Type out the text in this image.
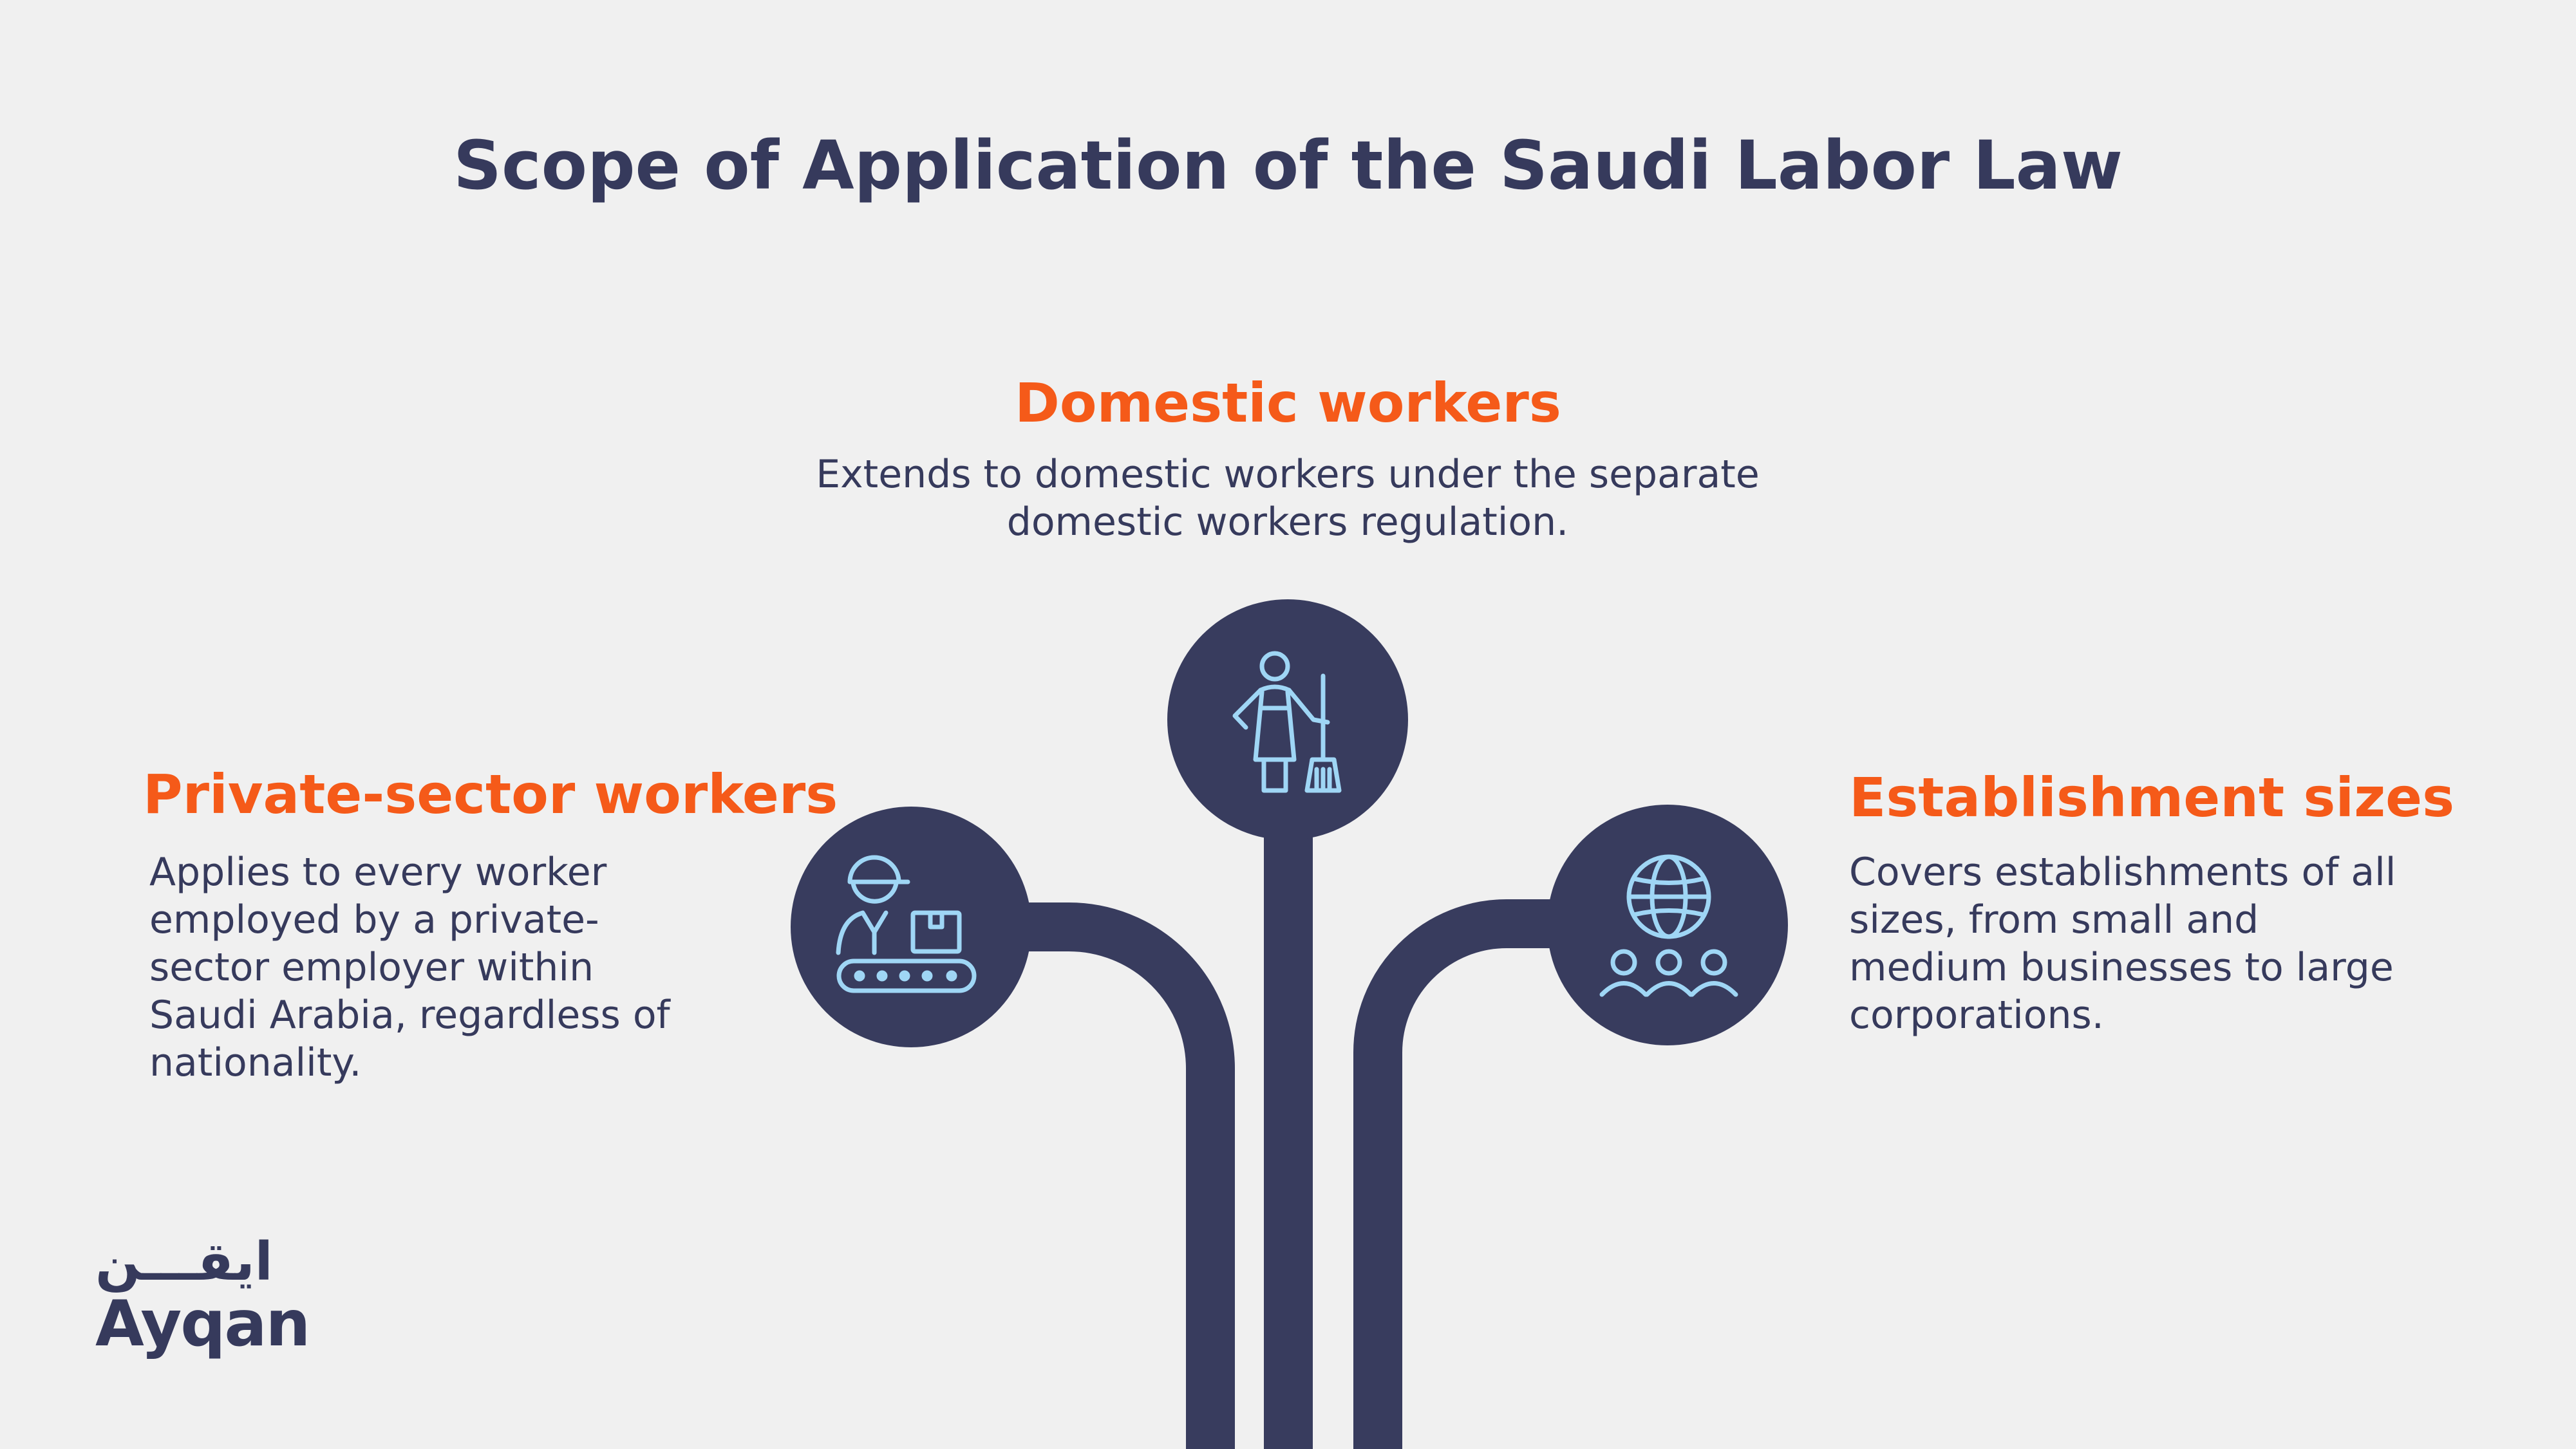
Scope of Application of the Saudi Labor Law
Domestic workers
Extends to domestic workers under the separate domestic workers regulation.
Private-sector workers
Applies to every worker employed by a private-sector employer within Saudi Arabia, regardless of nationality.
Establishment sizes
Covers establishments of all sizes, from small and medium businesses to large corporations.
ايقـــن
Ayqan
